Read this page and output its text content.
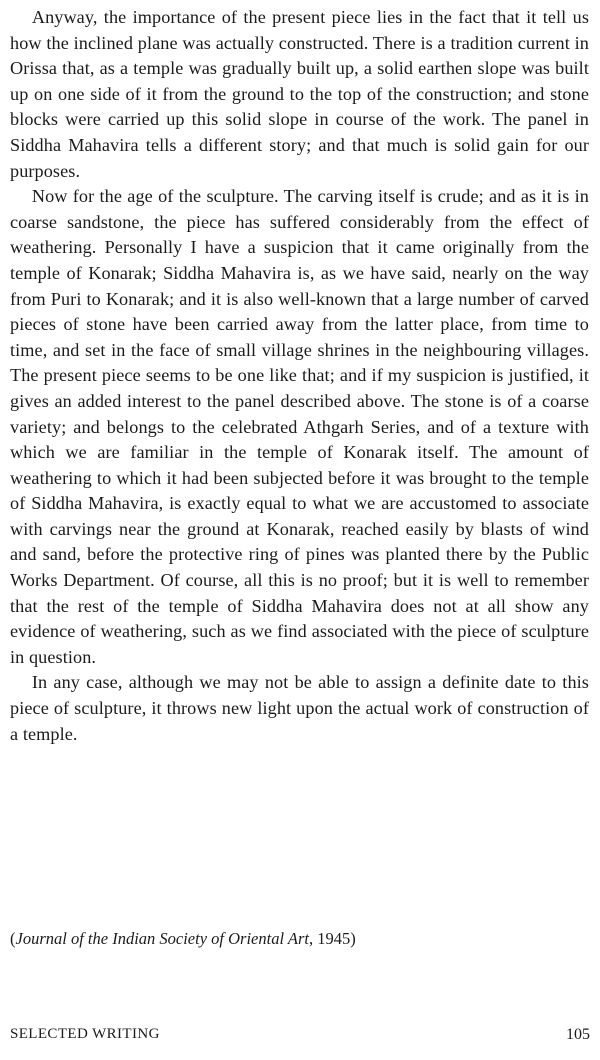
Anyway, the importance of the present piece lies in the fact that it tell us how the inclined plane was actually constructed. There is a tradition current in Orissa that, as a temple was gradually built up, a solid earthen slope was built up on one side of it from the ground to the top of the construction; and stone blocks were carried up this solid slope in course of the work. The panel in Siddha Mahavira tells a different story; and that much is solid gain for our purposes.

Now for the age of the sculpture. The carving itself is crude; and as it is in coarse sandstone, the piece has suffered considerably from the effect of weathering. Personally I have a suspicion that it came originally from the temple of Konarak; Siddha Mahavira is, as we have said, nearly on the way from Puri to Konarak; and it is also well-known that a large number of carved pieces of stone have been carried away from the latter place, from time to time, and set in the face of small village shrines in the neighbouring villages. The present piece seems to be one like that; and if my suspicion is justified, it gives an added interest to the panel described above. The stone is of a coarse variety; and belongs to the celebrated Athgarh Series, and of a texture with which we are familiar in the temple of Konarak itself. The amount of weathering to which it had been subjected before it was brought to the temple of Siddha Mahavira, is exactly equal to what we are accustomed to associate with carvings near the ground at Konarak, reached easily by blasts of wind and sand, before the protective ring of pines was planted there by the Public Works Department. Of course, all this is no proof; but it is well to remember that the rest of the temple of Siddha Mahavira does not at all show any evidence of weathering, such as we find associated with the piece of sculpture in question.

In any case, although we may not be able to assign a definite date to this piece of sculpture, it throws new light upon the actual work of construction of a temple.

(Journal of the Indian Society of Oriental Art, 1945)
SELECTED WRITING	105
